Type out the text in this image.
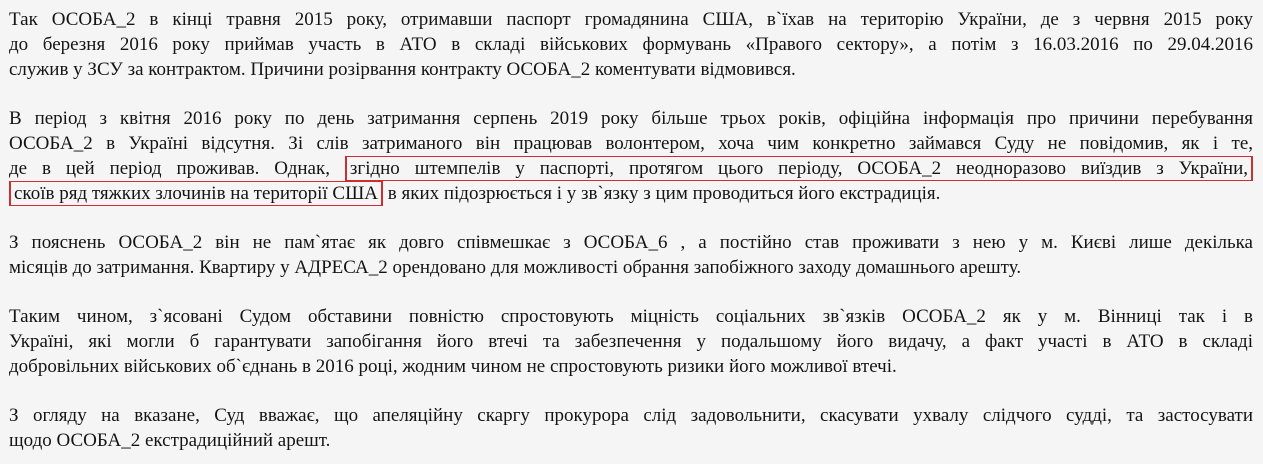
Так ОСОБА_2 в кінці травня 2015 року, отримавши паспорт громадянина США, в`їхав на територію України, де з червня 2015 року
до березня 2016 року приймав участь в АТО в складі військових формувань «Правого сектору», а потім з 16.03.2016 по 29.04.2016
служив у ЗСУ за контрактом. Причини розірвання контракту ОСОБА_2 коментувати відмовився.
В період з квітня 2016 року по день затримання серпень 2019 року більше трьох років, офіційна інформація про причини перебування
ОСОБА_2 в Україні відсутня. Зі слів затриманого він працював волонтером, хоча чим конкретно займався Суду не повідомив, як і те,
де в цей період проживав. Однак, згідно штемпелів у паспорті, протягом цього періоду, ОСОБА_2 неодноразово виїздив з України,
скоїв ряд тяжких злочинів на території США в яких підозрюється і у зв`язку з цим проводиться його екстрадиція.
З пояснень ОСОБА_2 він не пам`ятає як довго співмешкає з ОСОБА_6 , а постійно став проживати з нею у м. Києві лише декілька
місяців до затримання. Квартиру у АДРЕСА_2 орендовано для можливості обрання запобіжного заходу домашнього арешту.
Таким чином, з`ясовані Судом обставини повністю спростовують міцність соціальних зв`язків ОСОБА_2 як у м. Вінниці так і в
Україні, які могли б гарантувати запобігання його втечі та забезпечення у подальшому його видачу, а факт участі в АТО в складі
добровільних військових об`єднань в 2016 році, жодним чином не спростовують ризики його можливої втечі.
З огляду на вказане, Суд вважає, що апеляційну скаргу прокурора слід задовольнити, скасувати ухвалу слідчого судді, та застосувати
щодо ОСОБА_2 екстрадиційний арешт.
